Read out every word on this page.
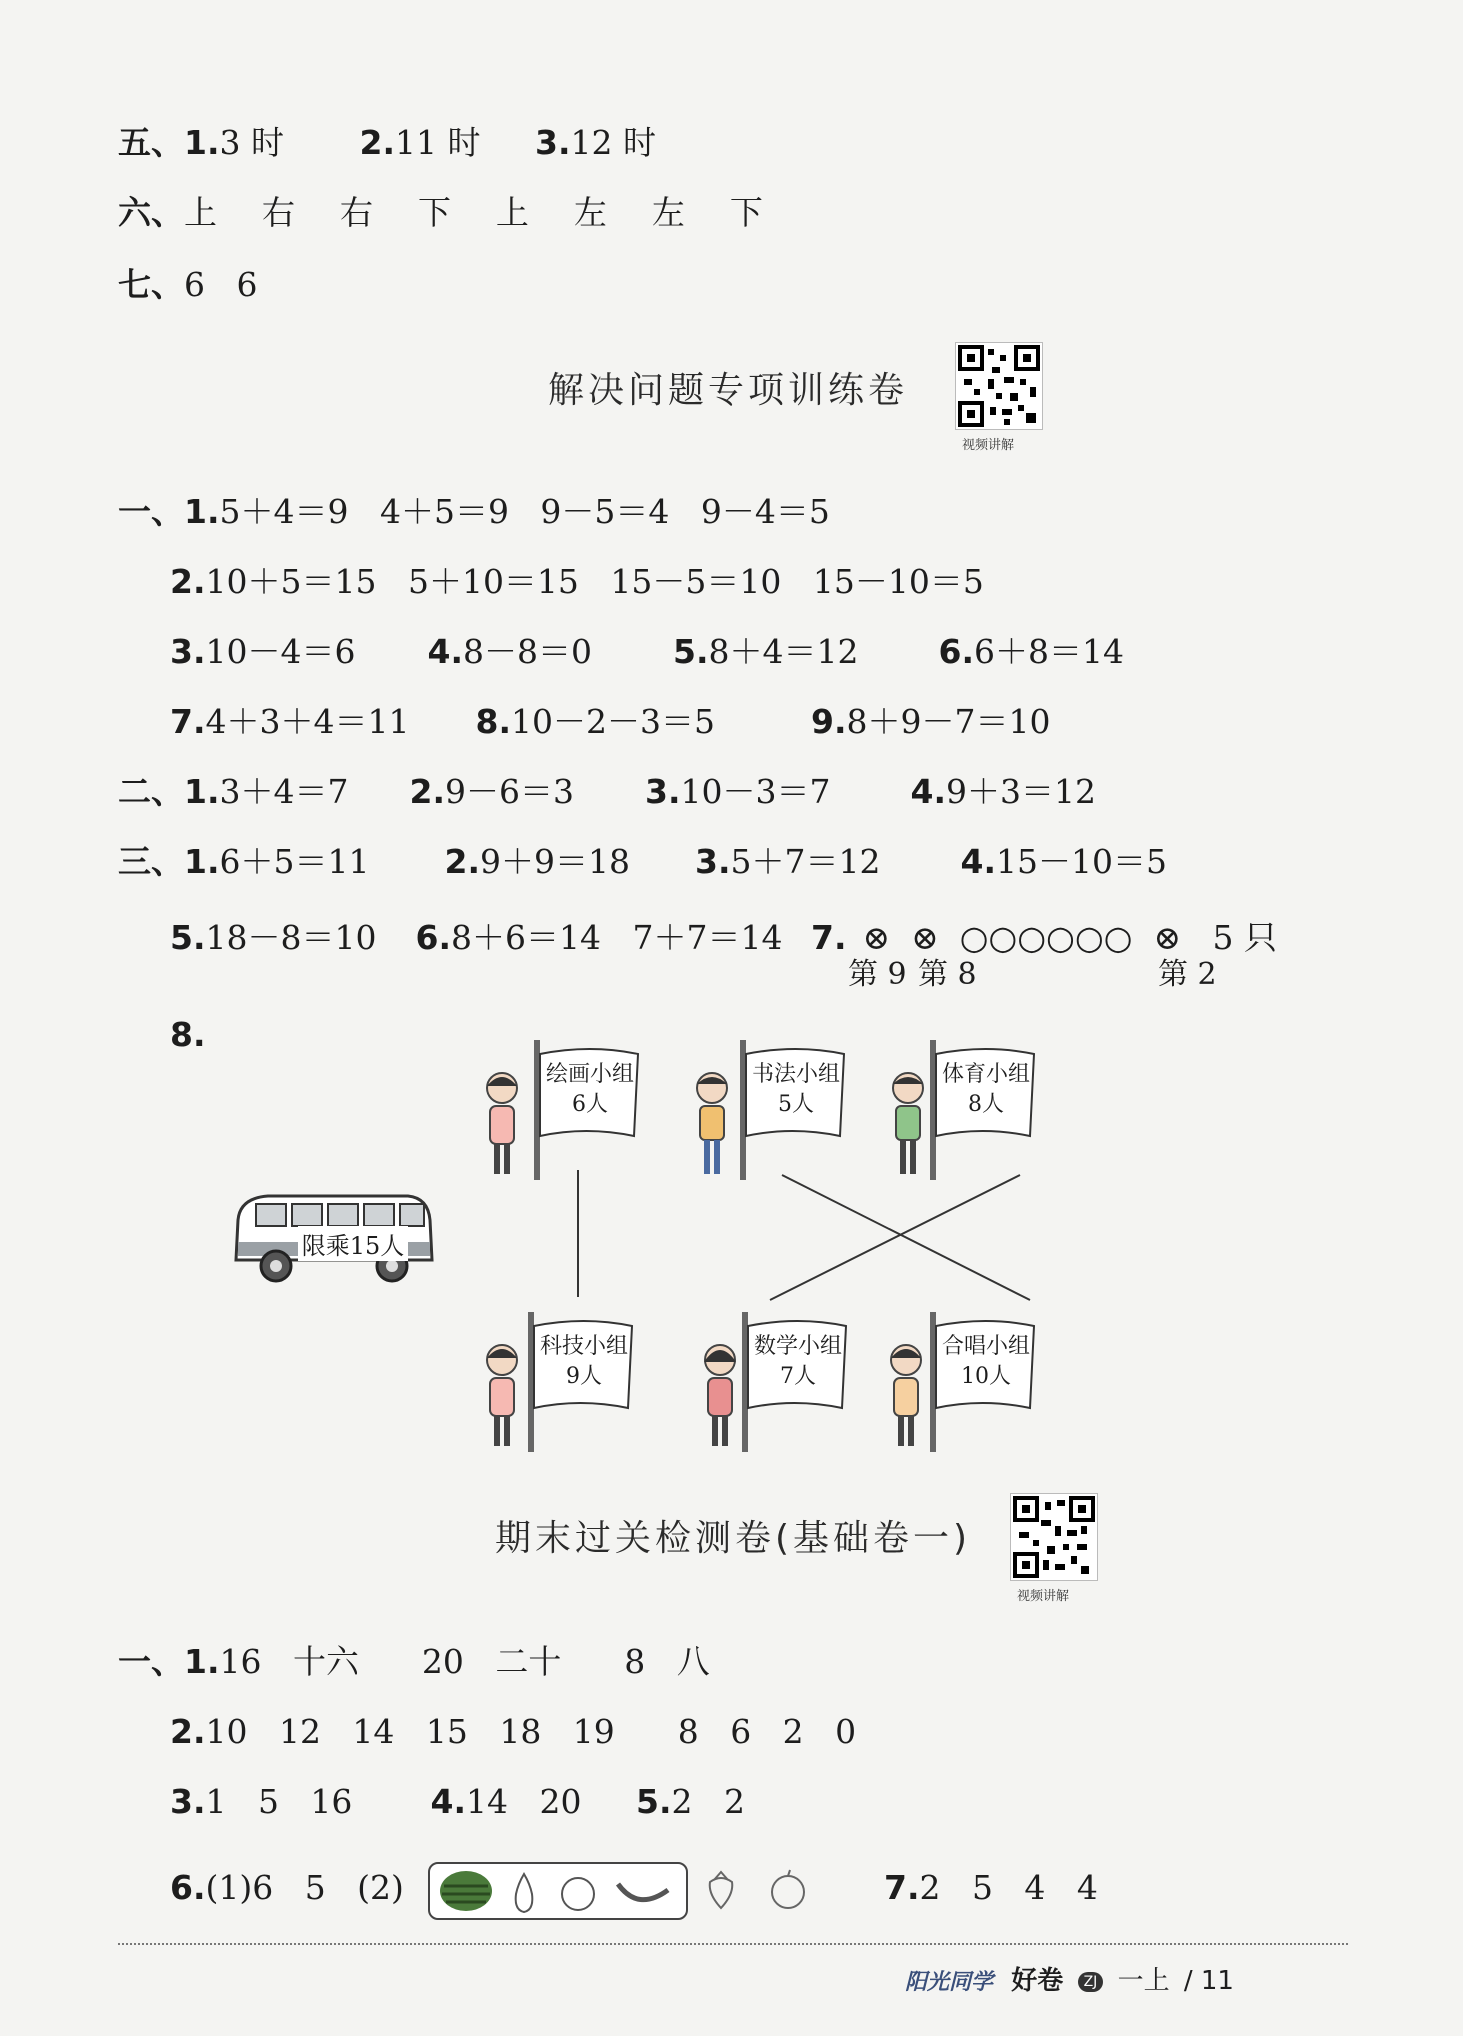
五、1.3 时 2.11 时 3.12 时
六、上  右  右  下  上  左  左  下
七、6   6
解决问题专项训练卷
视频讲解
一、1.5＋4＝9   4＋5＝9   9－5＝4   9－4＝5
2.10＋5＝15   5＋10＝15   15－5＝10   15－10＝5
3.10－4＝6 4.8－8＝0 5.8＋4＝12 6.6＋8＝14
7.4＋3＋4＝11 8.10－2－3＝5	9.8＋9－7＝10
二、1.3＋4＝7 2.9－6＝3 3.10－3＝7 4.9＋3＝12
三、1.6＋5＝11 2.9＋9＝18 3.5＋7＝12 4.15－10＝5
5.18－8＝10 6.8＋6＝14   7＋7＝14 7. ⊗  ⊗  ○○○○○○  ⊗ 5 只
第 9 第 8	第 2
8.
限乘15人
绘画小组
6人
书法小组
5人
体育小组
8人
科技小组
9人
数学小组
7人
合唱小组
10人
期末过关检测卷(基础卷一)
视频讲解
一、1.16   十六      20   二十      8   八
2.10   12   14   15   18   19      8   6   2   0
3.1   5   16 4.14   20 5.2   2
6.(1)6   5   (2)	7.2   5   4   4
阳光同学 好卷 ZJ 一上 / 11
